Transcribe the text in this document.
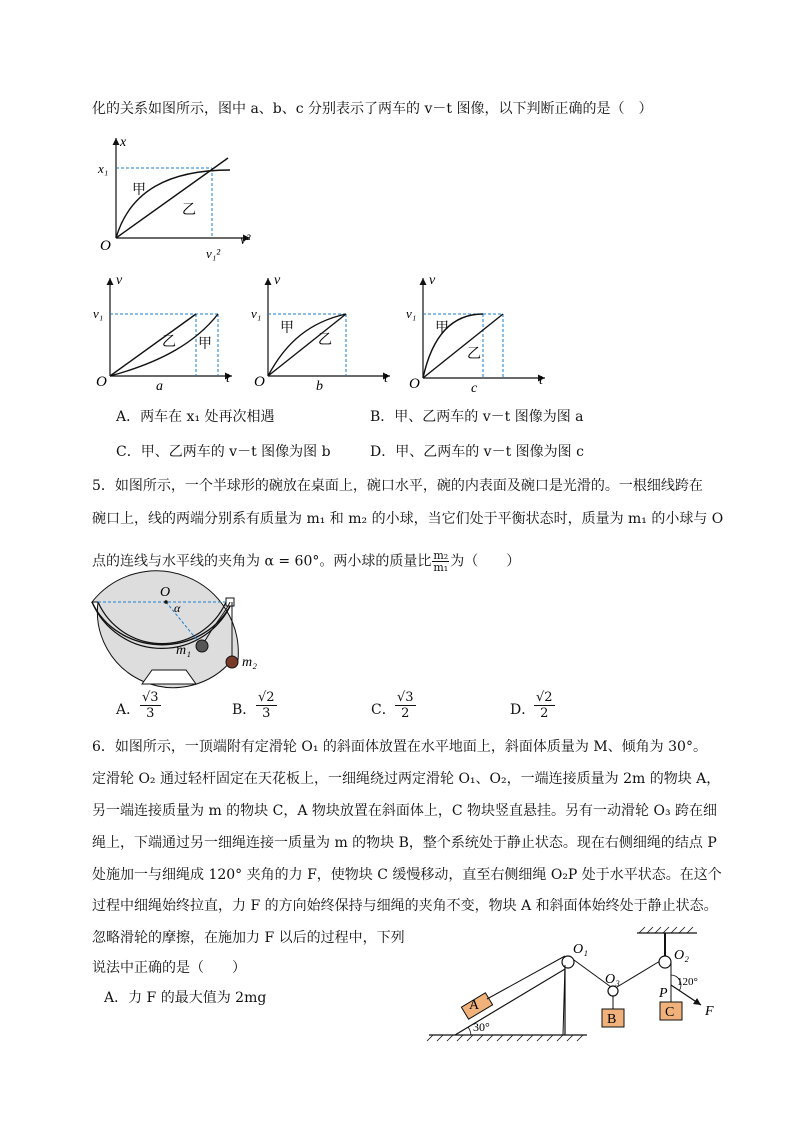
化的关系如图所示，图中 a、b、c 分别表示了两车的 v－t 图像，以下判断正确的是（　）
x
v²
O
x₁
v₁²
甲
乙
v
t
O
v₁
乙 甲
a
v
t
O
v₁
甲
乙
b
v
t
O
v₁
甲
乙
c
A．两车在 x₁ 处再次相遇	B．甲、乙两车的 v－t 图像为图 a
C．甲、乙两车的 v－t 图像为图 b	D．甲、乙两车的 v－t 图像为图 c
5．如图所示，一个半球形的碗放在桌面上，碗口水平，碗的内表面及碗口是光滑的。一根细线跨在
碗口上，线的两端分别系有质量为 m₁ 和 m₂ 的小球，当它们处于平衡状态时，质量为 m₁ 的小球与 O
点的连线与水平线的夹角为 α = 60°。两小球的质量比 $\frac{\text{m₂}}{\text{m₁}}$ 为（　　）
O
α
m₁
m₂
A． $\frac{√3}{3}$	B． $\frac{√2}{3}$	C． $\frac{√3}{2}$	D．
$\frac{√2}{2}$
6．如图所示，一顶端附有定滑轮 O₁ 的斜面体放置在水平地面上，斜面体质量为 M、倾角为 30°。
定滑轮 O₂ 通过轻杆固定在天花板上，一细绳绕过两定滑轮 O₁、O₂，一端连接质量为 2m 的物块 A，
另一端连接质量为 m 的物块 C，A 物块放置在斜面体上，C 物块竖直悬挂。另有一动滑轮 O₃ 跨在细
绳上，下端通过另一细绳连接一质量为 m 的物块 B，整个系统处于静止状态。现在右侧细绳的结点 P
处施加一与细绳成 120° 夹角的力 F，使物块 C 缓慢移动，直至右侧细绳 O₂P 处于水平状态。在这个
过程中细绳始终拉直，力 F 的方向始终保持与细绳的夹角不变，物块 A 和斜面体始终处于静止状态。
忽略滑轮的摩擦，在施加力 F 以后的过程中，下列
说法中正确的是（　　）
A．力 F 的最大值为 2mg
O₁	O₂
O₃
P
A
B	C F
30°
120°
